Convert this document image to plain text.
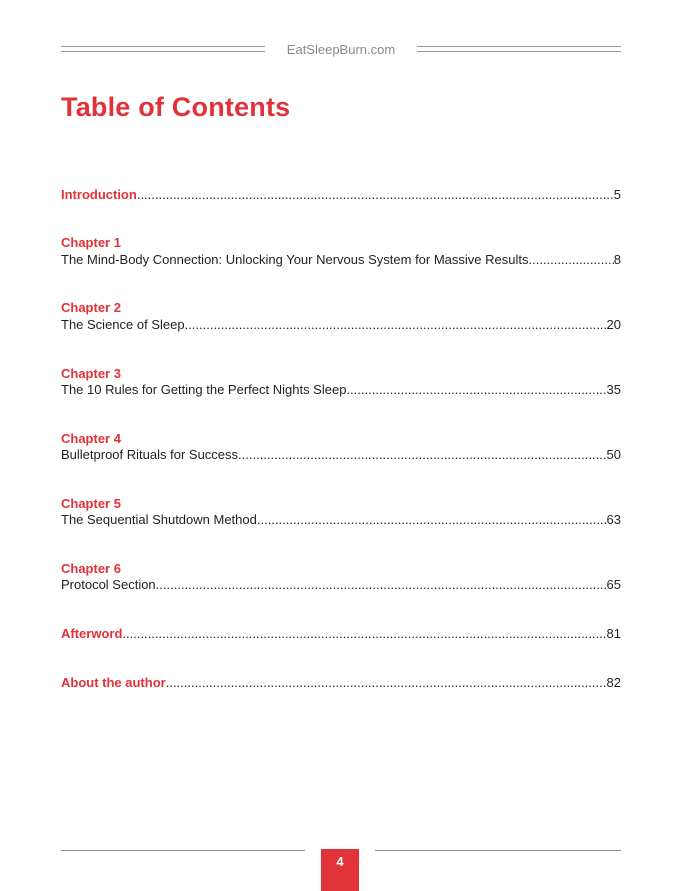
EatSleepBurn.com
Table of Contents
Introduction .....	5
Chapter 1
The Mind-Body Connection: Unlocking Your Nervous System for Massive Results .....	8
Chapter 2
The Science of Sleep .....	20
Chapter 3
The 10 Rules for Getting the Perfect Nights Sleep .....	35
Chapter 4
Bulletproof Rituals for Success .....	50
Chapter 5
The Sequential Shutdown Method .....	63
Chapter 6
Protocol Section .....	65
Afterword .....	81
About the author .....	82
4
